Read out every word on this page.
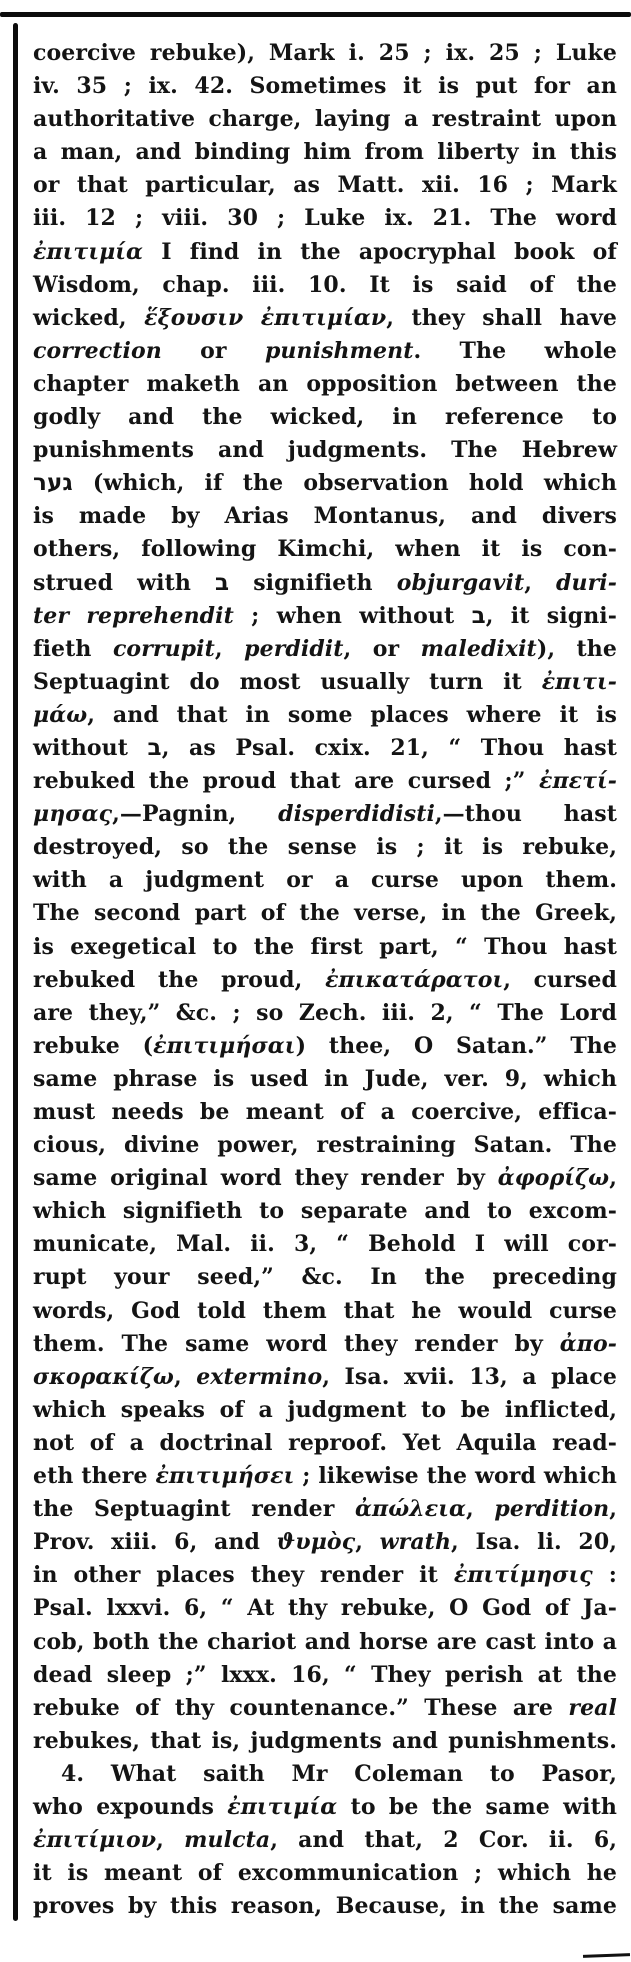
coercive rebuke), Mark i. 25 ; ix. 25 ; Luke
iv. 35 ; ix. 42. Sometimes it is put for an
authoritative charge, laying a restraint upon
a man, and binding him from liberty in this
or that particular, as Matt. xii. 16 ; Mark
iii. 12 ; viii. 30 ; Luke ix. 21. The word
ἐπιτιμία I find in the apocryphal book of
Wisdom, chap. iii. 10. It is said of the
wicked, ἕξουσιν ἐπιτιμίαν, they shall have
correction or punishment. The whole
chapter maketh an opposition between the
godly and the wicked, in reference to
punishments and judgments. The Hebrew
גער (which, if the observation hold which
is made by Arias Montanus, and divers
others, following Kimchi, when it is con-
strued with ב signifieth objurgavit, duri-
ter reprehendit ; when without ב, it signi-
fieth corrupit, perdidit, or maledixit), the
Septuagint do most usually turn it ἐπιτι-
μάω, and that in some places where it is
without ב, as Psal. cxix. 21, “ Thou hast
rebuked the proud that are cursed ;” ἐπετί-
μησας,—Pagnin, disperdidisti,—thou hast
destroyed, so the sense is ; it is rebuke,
with a judgment or a curse upon them.
The second part of the verse, in the Greek,
is exegetical to the first part, “ Thou hast
rebuked the proud, ἐπικατάρατοι, cursed
are they,” &c. ; so Zech. iii. 2, “ The Lord
rebuke (ἐπιτιμήσαι) thee, O Satan.” The
same phrase is used in Jude, ver. 9, which
must needs be meant of a coercive, effica-
cious, divine power, restraining Satan. The
same original word they render by ἀφορίζω,
which signifieth to separate and to excom-
municate, Mal. ii. 3, “ Behold I will cor-
rupt your seed,” &c. In the preceding
words, God told them that he would curse
them. The same word they render by ἀπο-
σκορακίζω, extermino, Isa. xvii. 13, a place
which speaks of a judgment to be inflicted,
not of a doctrinal reproof. Yet Aquila read-
eth there ἐπιτιμήσει ; likewise the word which
the Septuagint render ἀπώλεια, perdition,
Prov. xiii. 6, and ϑυμὸς, wrath, Isa. li. 20,
in other places they render it ἐπιτίμησις :
Psal. lxxvi. 6, “ At thy rebuke, O God of Ja-
cob, both the chariot and horse are cast into a
dead sleep ;” lxxx. 16, “ They perish at the
rebuke of thy countenance.” These are real
rebukes, that is, judgments and punishments.
4. What saith Mr Coleman to Pasor,
who expounds ἐπιτιμία to be the same with
ἐπιτίμιον, mulcta, and that, 2 Cor. ii. 6,
it is meant of excommunication ; which he
proves by this reason, Because, in the same
